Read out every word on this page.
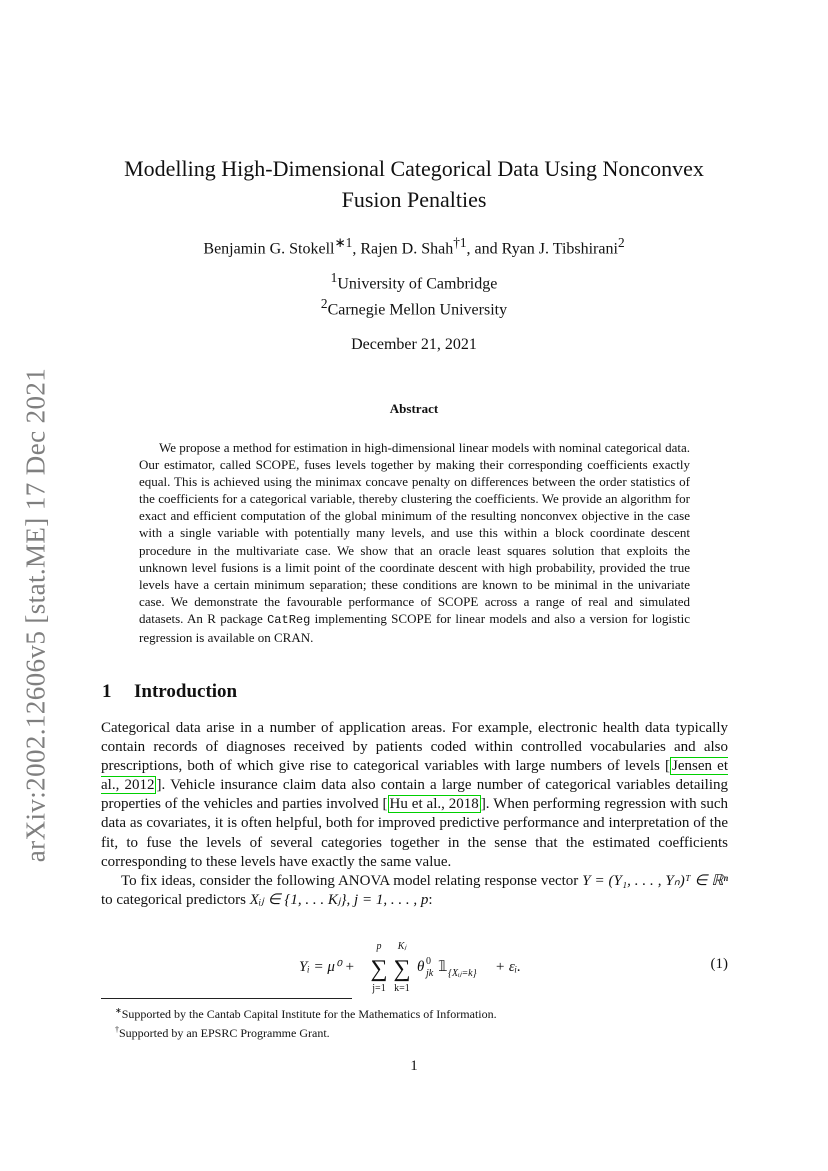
arXiv:2002.12606v5 [stat.ME] 17 Dec 2021
Modelling High-Dimensional Categorical Data Using Nonconvex
Fusion Penalties
Benjamin G. Stokell$^{∗1}$, Rajen D. Shah$^{\dagger 1}$, and Ryan J. Tibshirani$^2$
$^1$University of Cambridge
$^2$Carnegie Mellon University
December 21, 2021
Abstract
We propose a method for estimation in high-dimensional linear models with nominal categorical data. Our estimator, called SCOPE, fuses levels together by making their corresponding coefficients exactly equal. This is achieved using the minimax concave penalty on differences between the order statistics of the coefficients for a categorical variable, thereby clustering the coefficients. We provide an algorithm for exact and efficient computation of the global minimum of the resulting nonconvex objective in the case with a single variable with potentially many levels, and use this within a block coordinate descent procedure in the multivariate case. We show that an oracle least squares solution that exploits the unknown level fusions is a limit point of the coordinate descent with high probability, provided the true levels have a certain minimum separation; these conditions are known to be minimal in the univariate case. We demonstrate the favourable performance of SCOPE across a range of real and simulated datasets. An R package CatReg implementing SCOPE for linear models and also a version for logistic regression is available on CRAN.
1 Introduction

Categorical data arise in a number of application areas. For example, electronic health data typically contain records of diagnoses received by patients coded within controlled vocabularies and also prescriptions, both of which give rise to categorical variables with large numbers of levels [ Jensen et al., 2012 ]. Vehicle insurance claim data also contain a large number of categorical variables detailing properties of the vehicles and parties involved [ Hu et al., 2018 ]. When performing regression with such data as covariates, it is often helpful, both for improved predictive performance and interpretation of the fit, to fuse the levels of several categories together in the sense that the estimated coefficients corresponding to these levels have exactly the same value.

To fix ideas, consider the following ANOVA model relating response vector Y = (Y₁, . . . , Yₙ)ᵀ ∈ ℝⁿ to categorical predictors Xᵢⱼ ∈ {1, . . . Kⱼ}, j = 1, . . . , p:

Yᵢ = μ⁰ +
p
∑
j=1
Kⱼ
∑
k=1
θ 0
jk 𝟙 {Xᵢⱼ=k} + εᵢ.	(1)
∗Supported by the Cantab Capital Institute for the Mathematics of Information.
†Supported by an EPSRC Programme Grant.
1
